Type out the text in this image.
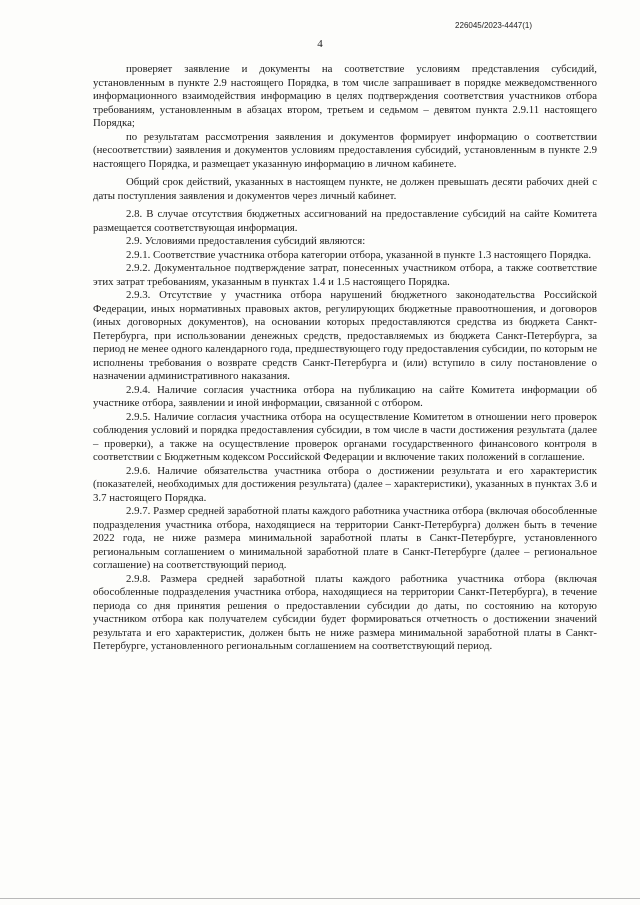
226045/2023-4447(1)
4

проверяет заявление и документы на соответствие условиям представления субсидий, установленным в пункте 2.9 настоящего Порядка, в том числе запрашивает в порядке межведомственного информационного взаимодействия информацию в целях подтверждения соответствия участников отбора требованиям, установленным в абзацах втором, третьем и седьмом – девятом пункта 2.9.11 настоящего Порядка;

по результатам рассмотрения заявления и документов формирует информацию о соответствии (несоответствии) заявления и документов условиям предоставления субсидий, установленным в пункте 2.9 настоящего Порядка, и размещает указанную информацию в личном кабинете.

Общий срок действий, указанных в настоящем пункте, не должен превышать десяти рабочих дней с даты поступления заявления и документов через личный кабинет.

2.8. В случае отсутствия бюджетных ассигнований на предоставление субсидий на сайте Комитета размещается соответствующая информация.

2.9. Условиями предоставления субсидий являются:

2.9.1. Соответствие участника отбора категории отбора, указанной в пункте 1.3 настоящего Порядка.

2.9.2. Документальное подтверждение затрат, понесенных участником отбора, а также соответствие этих затрат требованиям, указанным в пунктах 1.4 и 1.5 настоящего Порядка.

2.9.3. Отсутствие у участника отбора нарушений бюджетного законодательства Российской Федерации, иных нормативных правовых актов, регулирующих бюджетные правоотношения, и договоров (иных договорных документов), на основании которых предоставляются средства из бюджета Санкт-Петербурга, при использовании денежных средств, предоставляемых из бюджета Санкт-Петербурга, за период не менее одного календарного года, предшествующего году предоставления субсидии, по которым не исполнены требования о возврате средств Санкт-Петербурга и (или) вступило в силу постановление о назначении административного наказания.

2.9.4. Наличие согласия участника отбора на публикацию на сайте Комитета информации об участнике отбора, заявлении и иной информации, связанной с отбором.

2.9.5. Наличие согласия участника отбора на осуществление Комитетом в отношении него проверок соблюдения условий и порядка предоставления субсидии, в том числе в части достижения результата (далее – проверки), а также на осуществление проверок органами государственного финансового контроля в соответствии с Бюджетным кодексом Российской Федерации и включение таких положений в соглашение.

2.9.6. Наличие обязательства участника отбора о достижении результата и его характеристик (показателей, необходимых для достижения результата) (далее – характеристики), указанных в пунктах 3.6 и 3.7 настоящего Порядка.

2.9.7. Размер средней заработной платы каждого работника участника отбора (включая обособленные подразделения участника отбора, находящиеся на территории Санкт-Петербурга) должен быть в течение 2022 года, не ниже размера минимальной заработной платы в Санкт-Петербурге, установленного региональным соглашением о минимальной заработной плате в Санкт-Петербурге (далее – региональное соглашение) на соответствующий период.

2.9.8. Размера средней заработной платы каждого работника участника отбора (включая обособленные подразделения участника отбора, находящиеся на территории Санкт-Петербурга), в течение периода со дня принятия решения о предоставлении субсидии до даты, по состоянию на которую участником отбора как получателем субсидии будет формироваться отчетность о достижении значений результата и его характеристик, должен быть не ниже размера минимальной заработной платы в Санкт-Петербурге, установленного региональным соглашением на соответствующий период.
